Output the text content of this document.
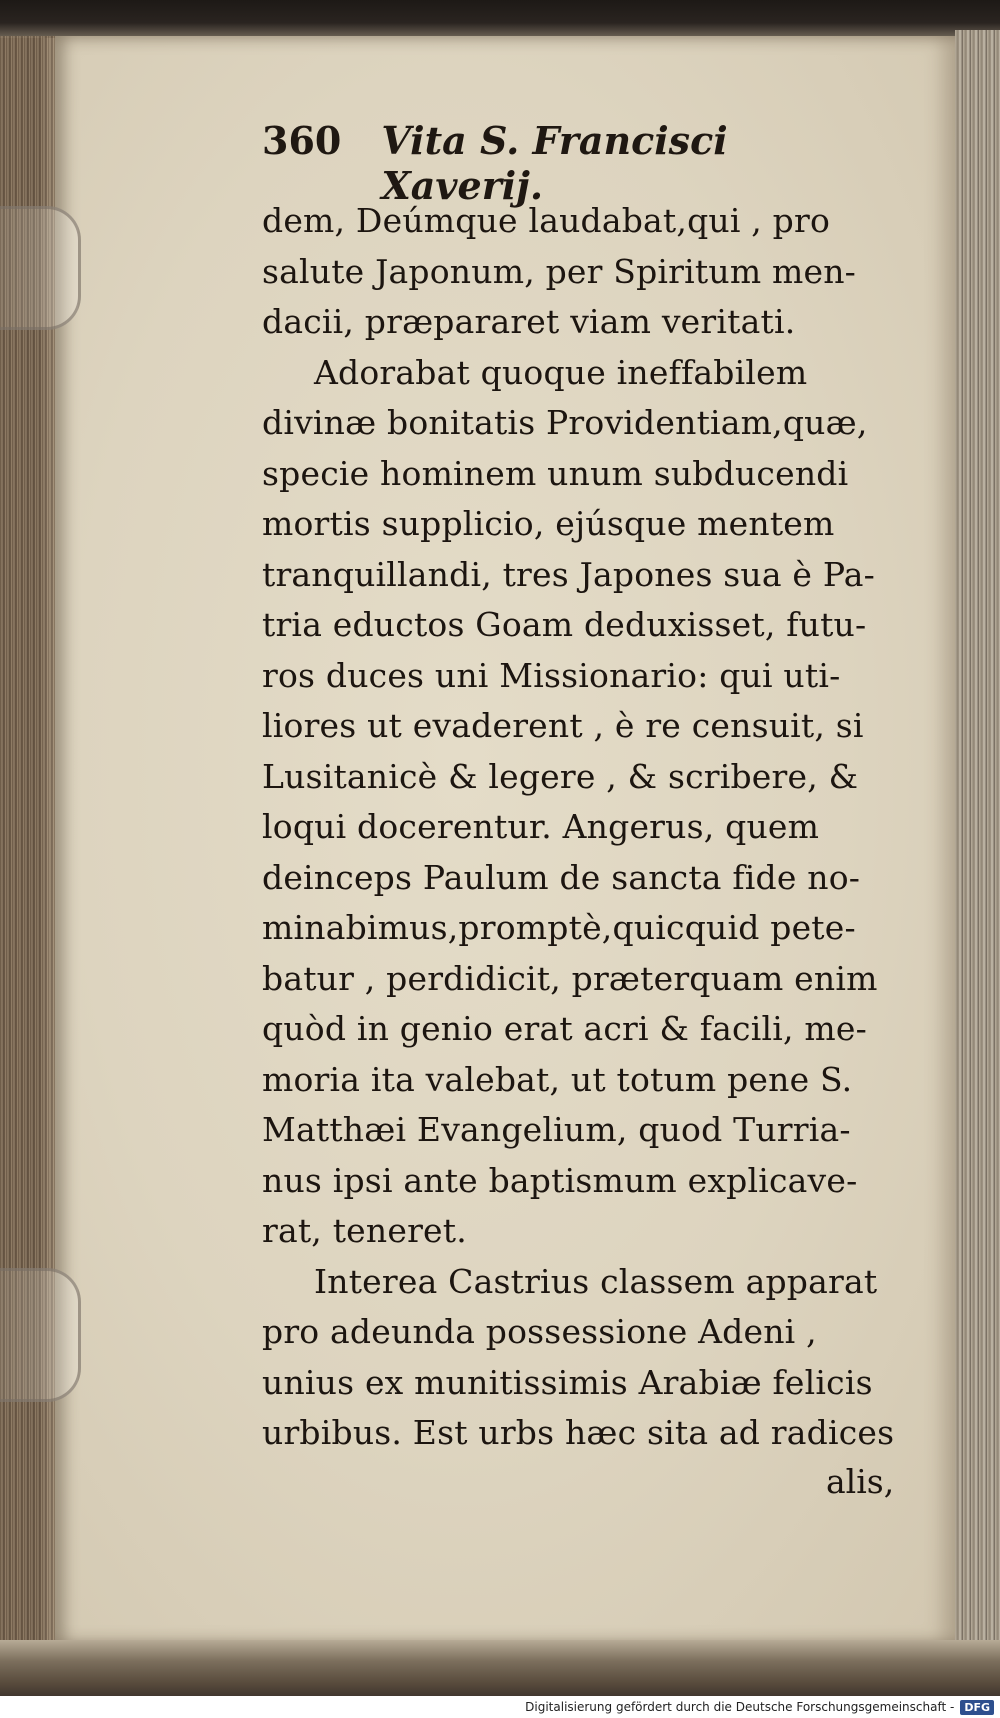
360 Vita S. Francisci Xaverij.
dem, Deúmque laudabat,qui , pro
salute Japonum, per Spiritum men-
dacii, præpararet viam veritati.
Adorabat quoque ineffabilem
divinæ bonitatis Providentiam,quæ,
specie hominem unum subducendi
mortis supplicio, ejúsque mentem
tranquillandi, tres Japones sua è Pa-
tria eductos Goam deduxisset, futu-
ros duces uni Missionario: qui uti-
liores ut evaderent , è re censuit, si
Lusitanicè & legere , & scribere, &
loqui docerentur. Angerus, quem
deinceps Paulum de sancta fide no-
minabimus,promptè,quicquid pete-
batur , perdidicit, præterquam enim
quòd in genio erat acri & facili, me-
moria ita valebat, ut totum pene S.
Matthæi Evangelium, quod Turria-
nus ipsi ante baptismum explicave-
rat, teneret.
Interea Castrius classem apparat
pro adeunda possessione Adeni ,
unius ex munitissimis Arabiæ felicis
urbibus. Est urbs hæc sita ad radices
alis,
Digitalisierung gefördert durch die Deutsche Forschungsgemeinschaft - DFG
